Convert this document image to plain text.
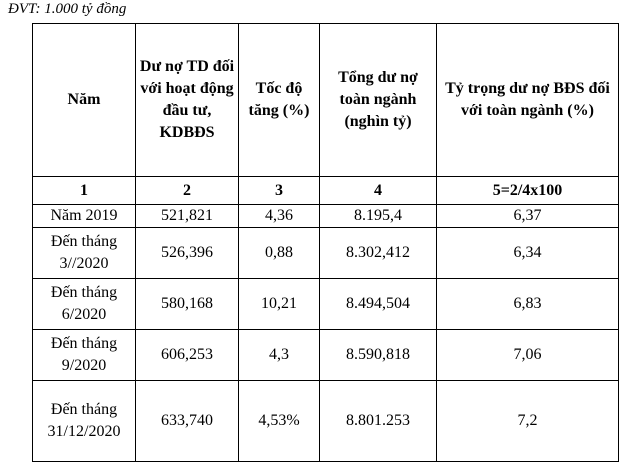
ĐVT: 1.000 tỷ đồng
Năm	Dư nợ TD đối với hoạt động đầu tư, KDBĐS	Tốc độ tăng (%)	Tổng dư nợ toàn ngành (nghìn tỷ)	Tỷ trọng dư nợ BĐS đối với toàn ngành (%)
1	2	3	4	5=2/4x100
Năm 2019	521,821	4,36	8.195,4	6,37
Đến tháng 3//2020	526,396	0,88	8.302,412	6,34
Đến tháng 6/2020	580,168	10,21	8.494,504	6,83
Đến tháng 9/2020	606,253	4,3	8.590,818	7,06
Đến tháng 31/12/2020	633,740	4,53%	8.801.253	7,2
